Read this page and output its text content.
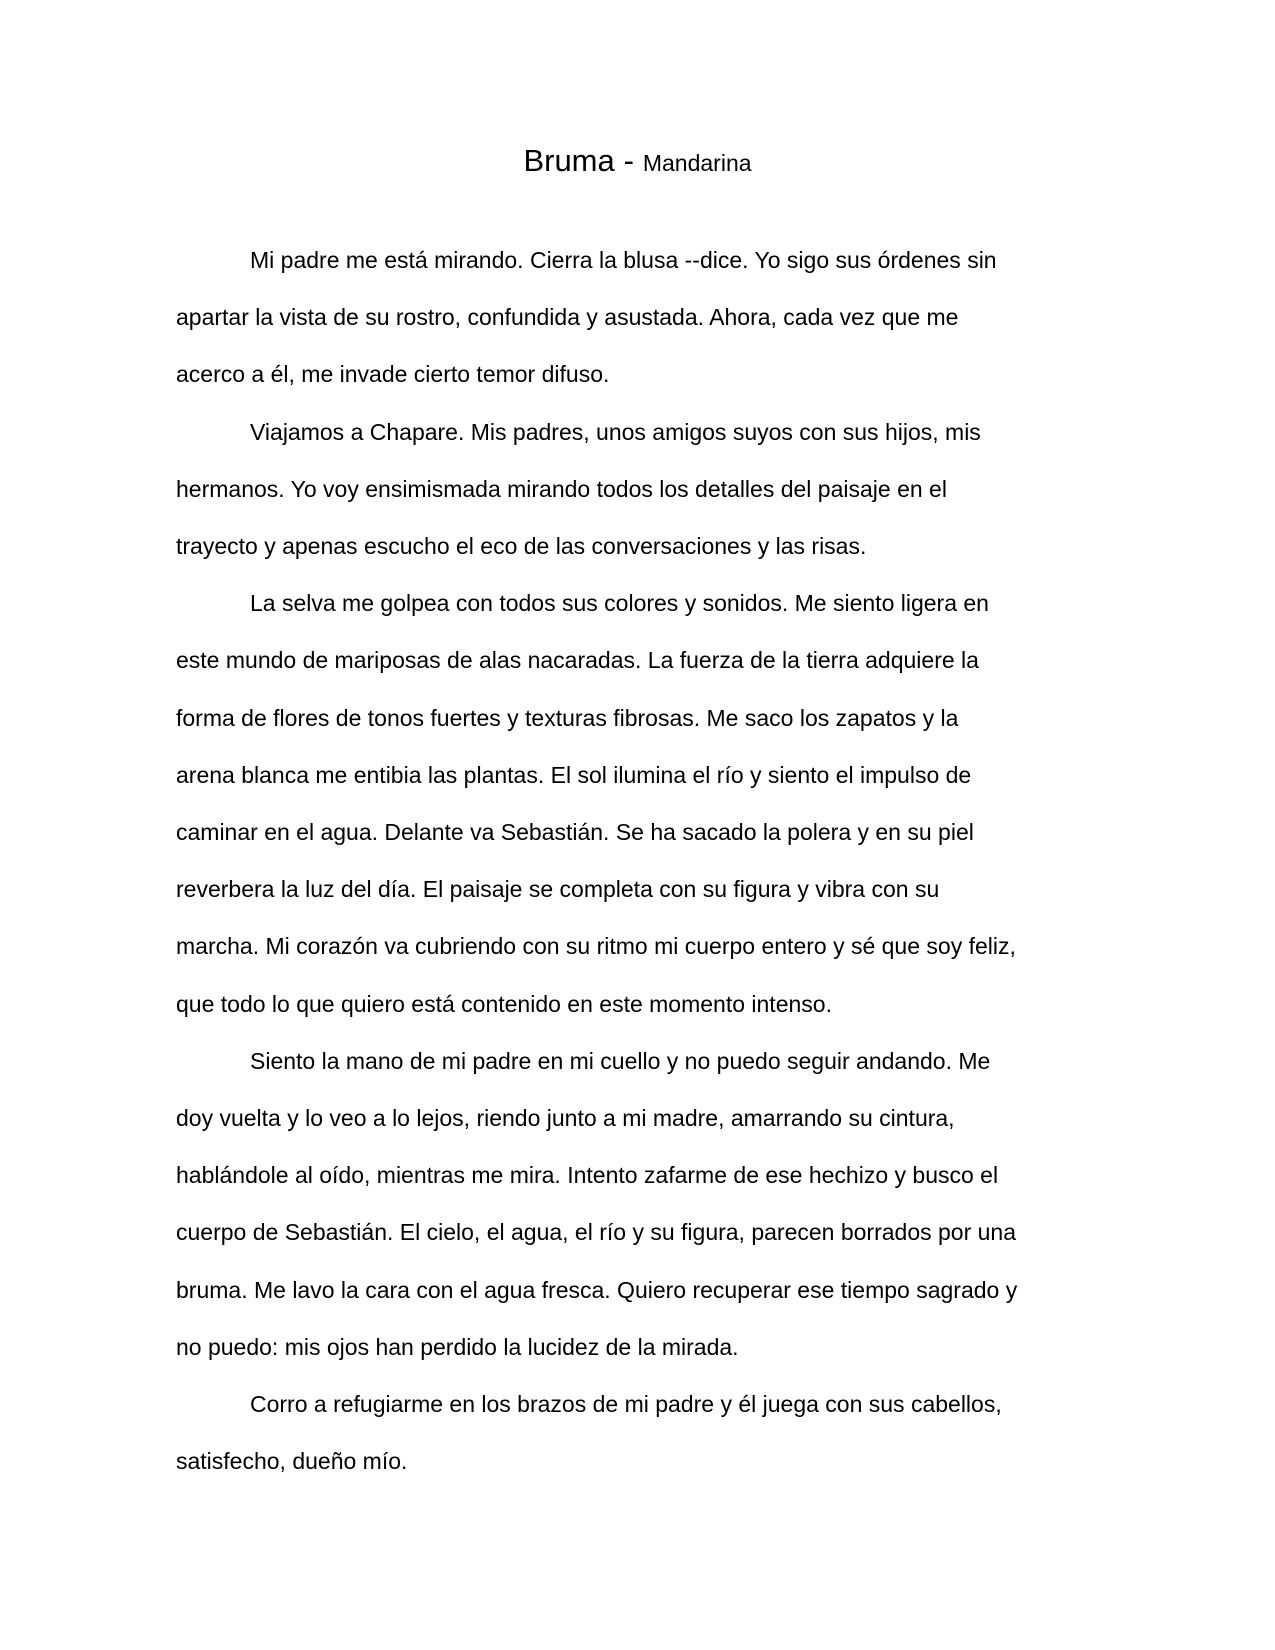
Bruma - Mandarina

Mi padre me está mirando. Cierra la blusa --dice. Yo sigo sus órdenes sin
apartar la vista de su rostro, confundida y asustada. Ahora, cada vez que me
acerco a él, me invade cierto temor difuso.

Viajamos a Chapare. Mis padres, unos amigos suyos con sus hijos, mis
hermanos. Yo voy ensimismada mirando todos los detalles del paisaje en el
trayecto y apenas escucho el eco de las conversaciones y las risas.

La selva me golpea con todos sus colores y sonidos. Me siento ligera en
este mundo de mariposas de alas nacaradas. La fuerza de la tierra adquiere la
forma de flores de tonos fuertes y texturas fibrosas. Me saco los zapatos y la
arena blanca me entibia las plantas. El sol ilumina el río y siento el impulso de
caminar en el agua. Delante va Sebastián. Se ha sacado la polera y en su piel
reverbera la luz del día. El paisaje se completa con su figura y vibra con su
marcha. Mi corazón va cubriendo con su ritmo mi cuerpo entero y sé que soy feliz,
que todo lo que quiero está contenido en este momento intenso.

Siento la mano de mi padre en mi cuello y no puedo seguir andando. Me
doy vuelta y lo veo a lo lejos, riendo junto a mi madre, amarrando su cintura,
hablándole al oído, mientras me mira. Intento zafarme de ese hechizo y busco el
cuerpo de Sebastián. El cielo, el agua, el río y su figura, parecen borrados por una
bruma. Me lavo la cara con el agua fresca. Quiero recuperar ese tiempo sagrado y
no puedo: mis ojos han perdido la lucidez de la mirada.

Corro a refugiarme en los brazos de mi padre y él juega con sus cabellos,
satisfecho, dueño mío.
